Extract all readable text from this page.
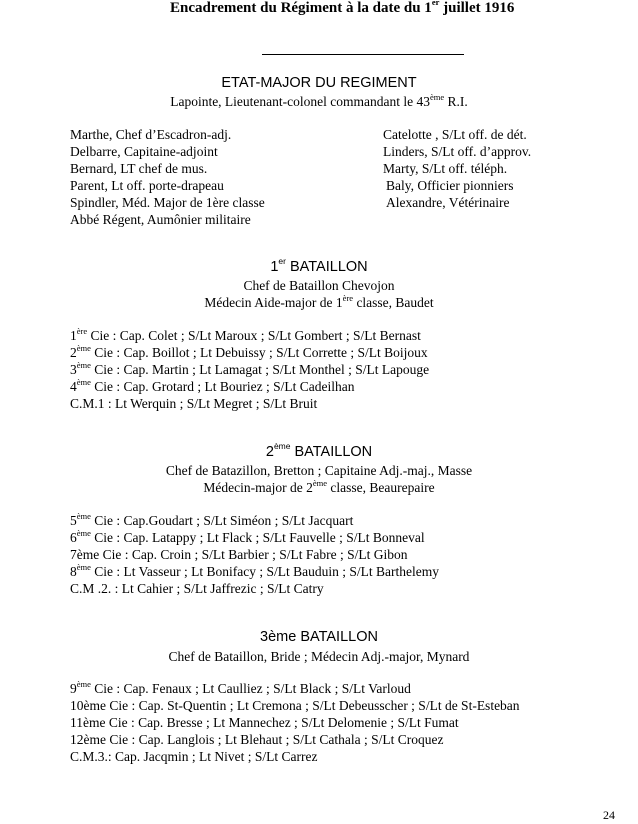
Encadrement du Régiment à la date du 1er juillet 1916
ETAT-MAJOR DU REGIMENT
Lapointe, Lieutenant-colonel commandant le 43ème R.I.
Marthe, Chef d’Escadron-adj.
Delbarre, Capitaine-adjoint
Bernard, LT chef de mus.
Parent, Lt off. porte-drapeau
Spindler, Méd. Major de 1ère classe
Abbé Régent, Aumônier militaire
Catelotte , S/Lt off. de dét.
Linders, S/Lt off. d’approv.
Marty, S/Lt off. téléph.
Baly, Officier pionniers
Alexandre, Vétérinaire
1er BATAILLON
Chef de Bataillon Chevojon
Médecin Aide-major de 1ère classe, Baudet
1ère Cie : Cap. Colet ; S/Lt Maroux ; S/Lt Gombert ; S/Lt Bernast
2ème Cie : Cap. Boillot ; Lt Debuissy ; S/Lt Corrette ; S/Lt Boijoux
3ème Cie : Cap. Martin ; Lt Lamagat ; S/Lt Monthel ; S/Lt Lapouge
4ème Cie : Cap. Grotard ; Lt Bouriez ; S/Lt Cadeilhan
C.M.1 : Lt Werquin ; S/Lt Megret ; S/Lt Bruit
2ème BATAILLON
Chef de Batazillon, Bretton ; Capitaine Adj.-maj., Masse
Médecin-major de 2ème classe, Beaurepaire
5ème Cie : Cap.Goudart ; S/Lt Siméon ; S/Lt Jacquart
6ème Cie : Cap. Latappy ; Lt Flack ; S/Lt Fauvelle ; S/Lt Bonneval
7ème Cie : Cap. Croin ; S/Lt Barbier ; S/Lt Fabre ; S/Lt Gibon
8ème Cie : Lt Vasseur ; Lt Bonifacy ; S/Lt Bauduin ; S/Lt Barthelemy
C.M .2. : Lt Cahier ; S/Lt Jaffrezic ; S/Lt Catry
3ème BATAILLON
Chef de Bataillon, Bride ; Médecin Adj.-major, Mynard
9ème Cie : Cap. Fenaux ; Lt Caulliez ; S/Lt Black ; S/Lt Varloud
10ème Cie : Cap. St-Quentin ; Lt Cremona ; S/Lt Debeusscher ; S/Lt de St-Esteban
11ème Cie : Cap. Bresse ; Lt Mannechez ; S/Lt Delomenie ; S/Lt Fumat
12ème Cie : Cap. Langlois ; Lt Blehaut ; S/Lt Cathala ; S/Lt Croquez
C.M.3.: Cap. Jacqmin ; Lt Nivet ; S/Lt Carrez
24
